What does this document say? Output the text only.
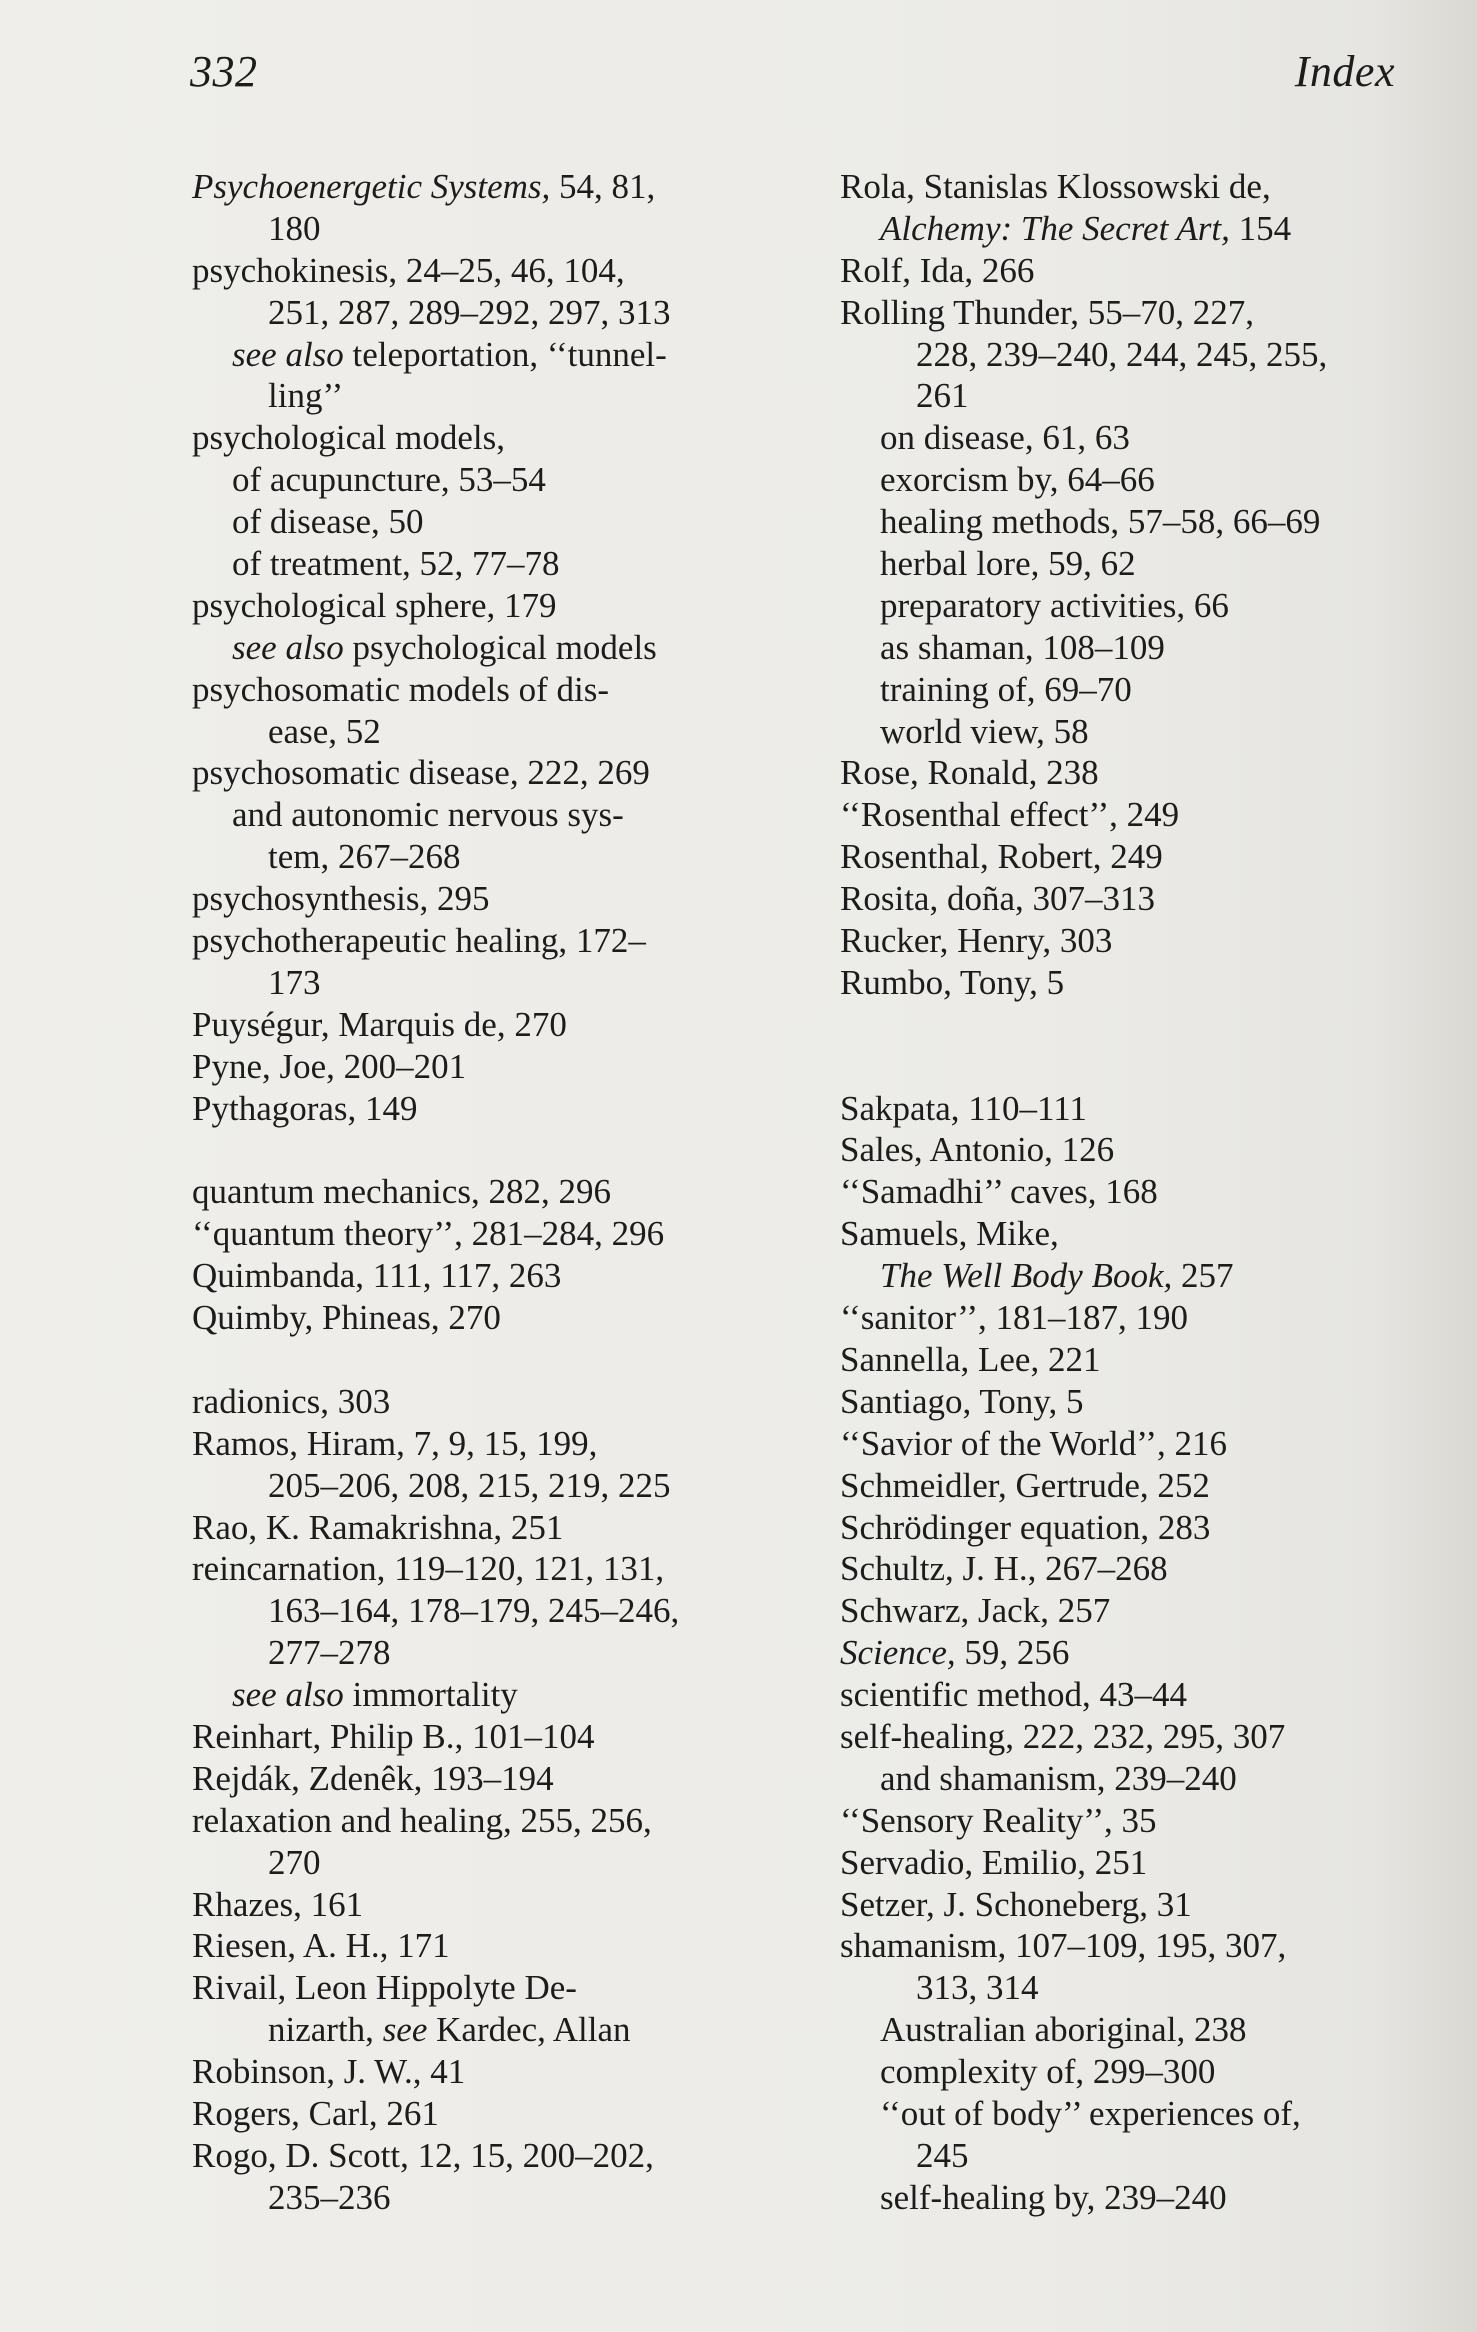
332	Index
Psychoenergetic Systems, 54, 81,
180
psychokinesis, 24–25, 46, 104,
251, 287, 289–292, 297, 313
see also teleportation, ‘‘tunnel-
ling’’
psychological models,
of acupuncture, 53–54
of disease, 50
of treatment, 52, 77–78
psychological sphere, 179
see also psychological models
psychosomatic models of dis-
ease, 52
psychosomatic disease, 222, 269
and autonomic nervous sys-
tem, 267–268
psychosynthesis, 295
psychotherapeutic healing, 172–
173
Puységur, Marquis de, 270
Pyne, Joe, 200–201
Pythagoras, 149
quantum mechanics, 282, 296
‘‘quantum theory’’, 281–284, 296
Quimbanda, 111, 117, 263
Quimby, Phineas, 270
radionics, 303
Ramos, Hiram, 7, 9, 15, 199,
205–206, 208, 215, 219, 225
Rao, K. Ramakrishna, 251
reincarnation, 119–120, 121, 131,
163–164, 178–179, 245–246,
277–278
see also immortality
Reinhart, Philip B., 101–104
Rejdák, Zdenêk, 193–194
relaxation and healing, 255, 256,
270
Rhazes, 161
Riesen, A. H., 171
Rivail, Leon Hippolyte De-
nizarth, see Kardec, Allan
Robinson, J. W., 41
Rogers, Carl, 261
Rogo, D. Scott, 12, 15, 200–202,
235–236
Rola, Stanislas Klossowski de,
Alchemy: The Secret Art, 154
Rolf, Ida, 266
Rolling Thunder, 55–70, 227,
228, 239–240, 244, 245, 255,
261
on disease, 61, 63
exorcism by, 64–66
healing methods, 57–58, 66–69
herbal lore, 59, 62
preparatory activities, 66
as shaman, 108–109
training of, 69–70
world view, 58
Rose, Ronald, 238
‘‘Rosenthal effect’’, 249
Rosenthal, Robert, 249
Rosita, doña, 307–313
Rucker, Henry, 303
Rumbo, Tony, 5
Sakpata, 110–111
Sales, Antonio, 126
‘‘Samadhi’’ caves, 168
Samuels, Mike,
The Well Body Book, 257
‘‘sanitor’’, 181–187, 190
Sannella, Lee, 221
Santiago, Tony, 5
‘‘Savior of the World’’, 216
Schmeidler, Gertrude, 252
Schrödinger equation, 283
Schultz, J. H., 267–268
Schwarz, Jack, 257
Science, 59, 256
scientific method, 43–44
self-healing, 222, 232, 295, 307
and shamanism, 239–240
‘‘Sensory Reality’’, 35
Servadio, Emilio, 251
Setzer, J. Schoneberg, 31
shamanism, 107–109, 195, 307,
313, 314
Australian aboriginal, 238
complexity of, 299–300
‘‘out of body’’ experiences of,
245
self-healing by, 239–240
